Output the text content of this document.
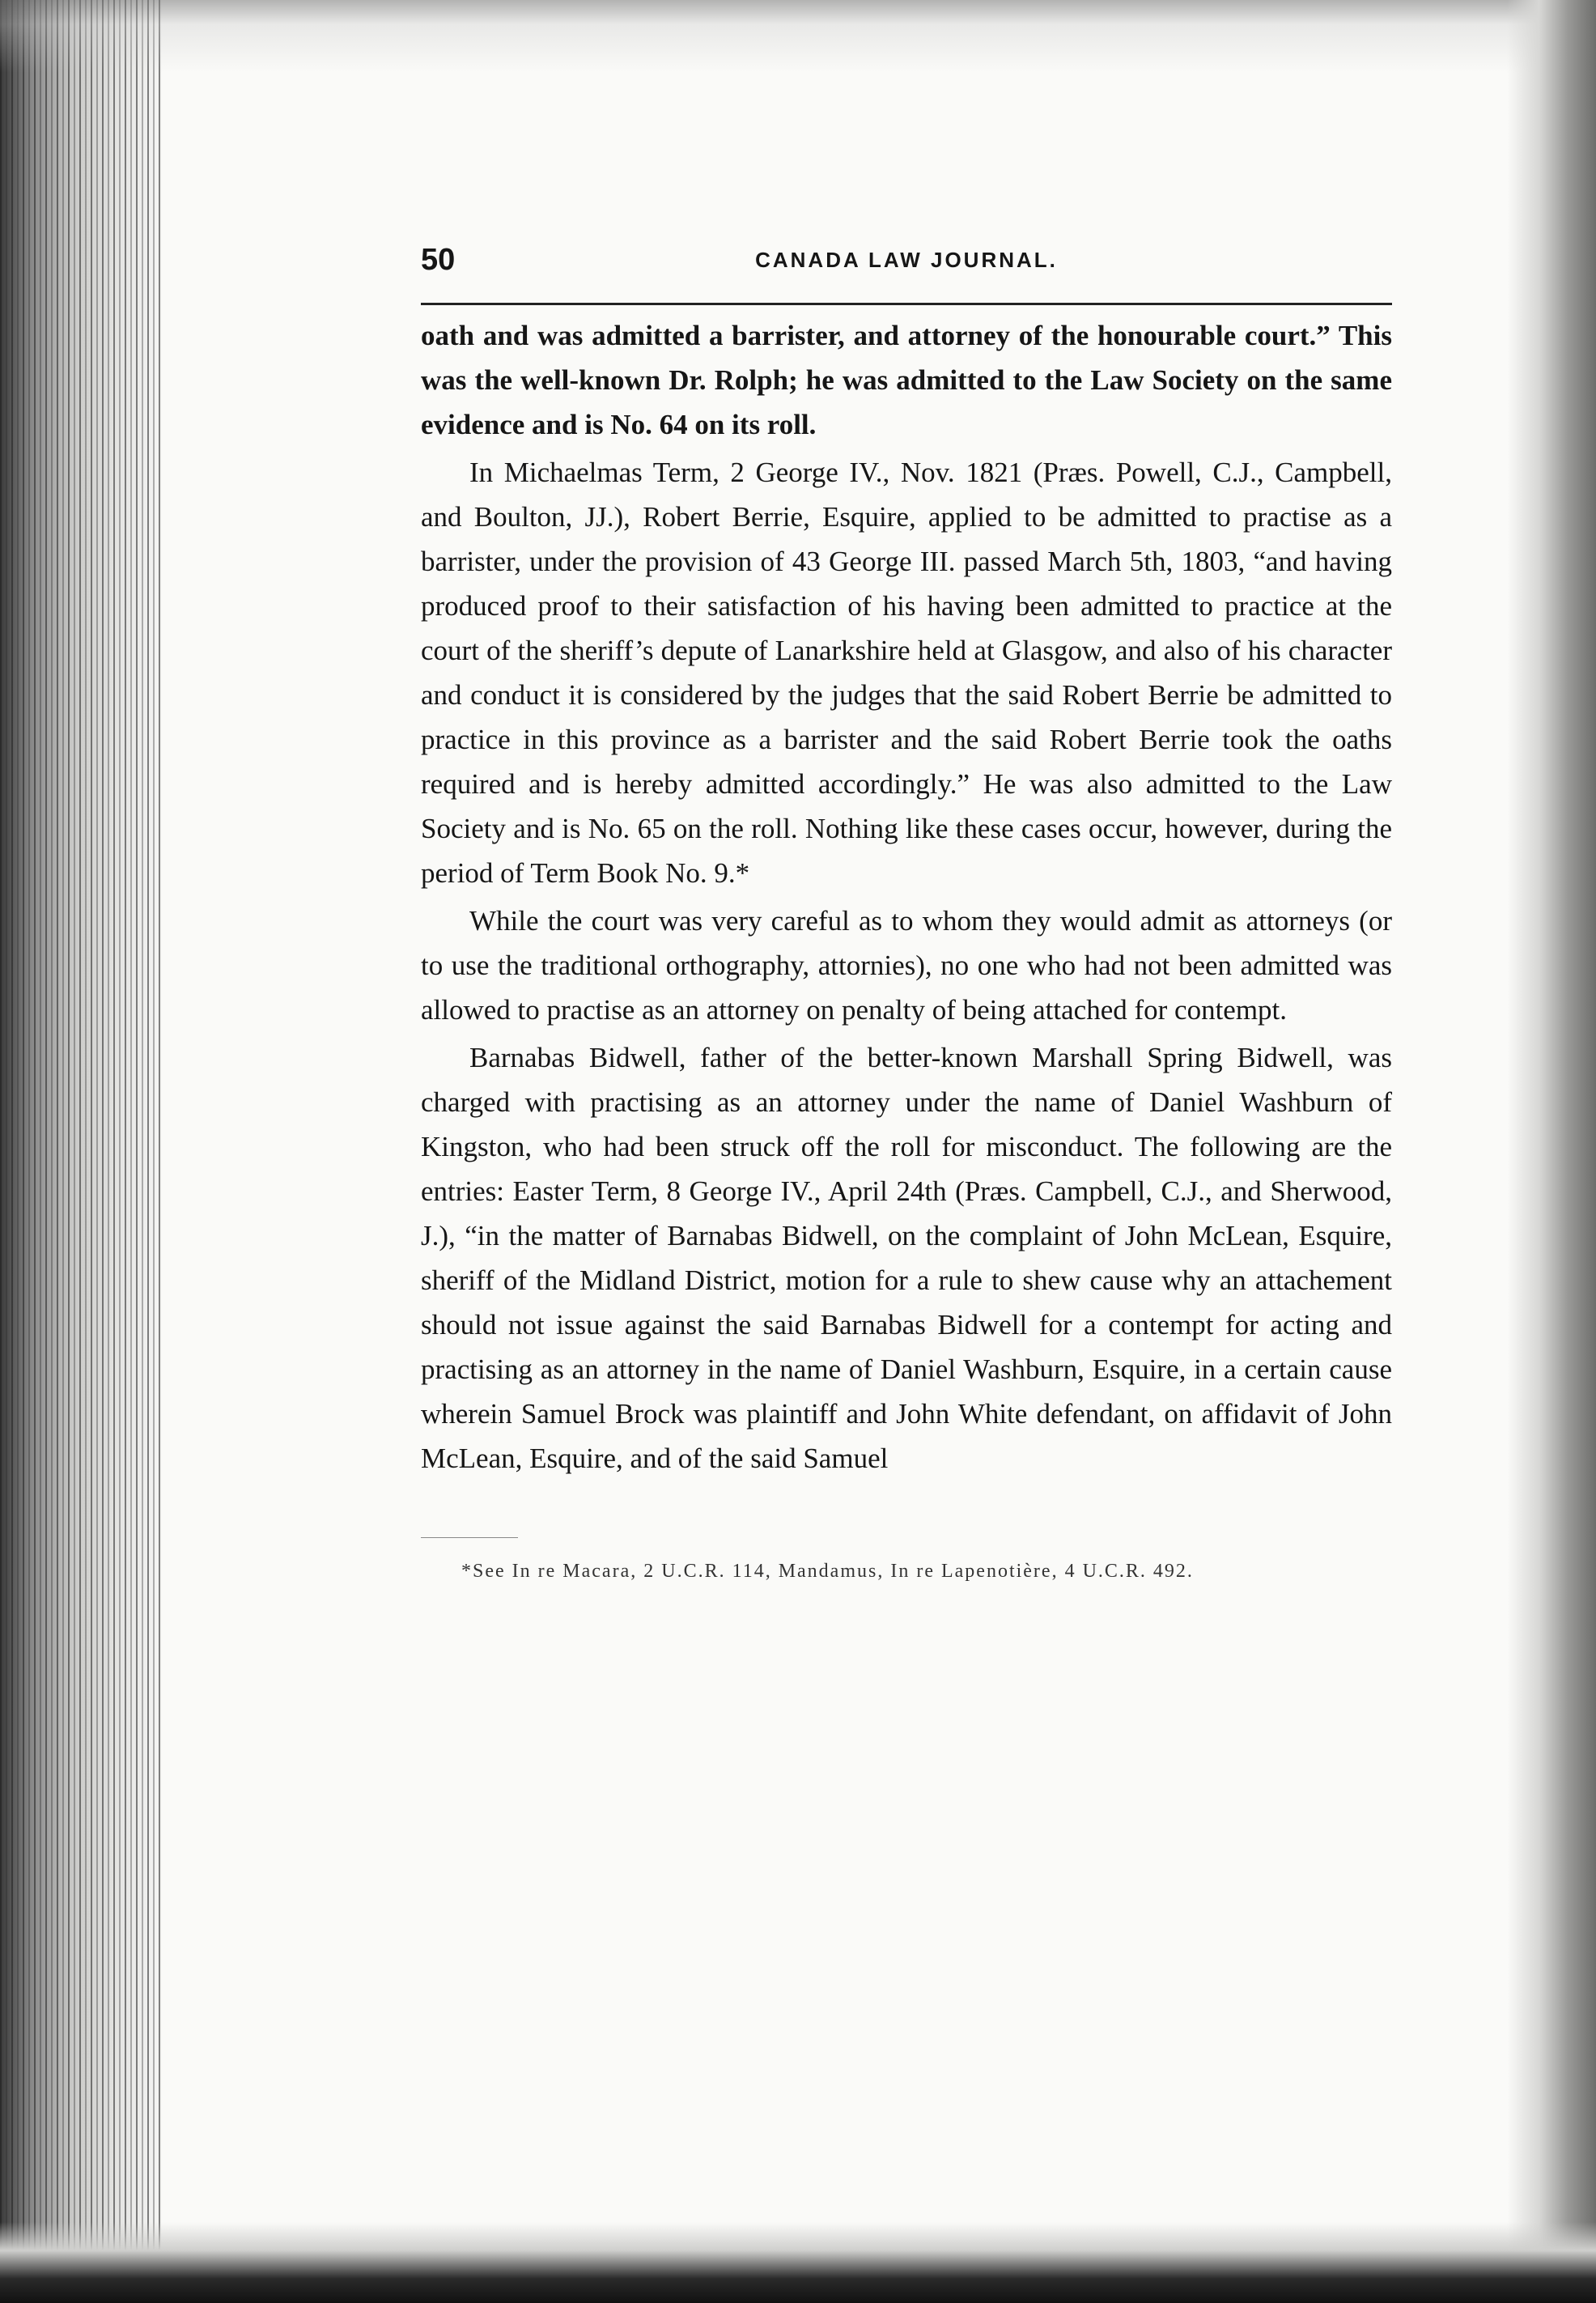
50	CANADA LAW JOURNAL.

oath and was admitted a barrister, and attorney of the honourable court.” This was the well-known Dr. Rolph; he was admitted to the Law Society on the same evidence and is No. 64 on its roll.

In Michaelmas Term, 2 George IV., Nov. 1821 (Præs. Powell, C.J., Campbell, and Boulton, JJ.), Robert Berrie, Esquire, applied to be admitted to practise as a barrister, under the provision of 43 George III. passed March 5th, 1803, “and having produced proof to their satisfaction of his having been admitted to practice at the court of the sheriff’s depute of Lanarkshire held at Glasgow, and also of his character and conduct it is considered by the judges that the said Robert Berrie be admitted to practice in this province as a barrister and the said Robert Berrie took the oaths required and is hereby admitted accordingly.” He was also admitted to the Law Society and is No. 65 on the roll. Nothing like these cases occur, however, during the period of Term Book No. 9.*

While the court was very careful as to whom they would admit as attorneys (or to use the traditional orthography, attornies), no one who had not been admitted was allowed to practise as an attorney on penalty of being attached for contempt.

Barnabas Bidwell, father of the better-known Marshall Spring Bidwell, was charged with practising as an attorney under the name of Daniel Washburn of Kingston, who had been struck off the roll for misconduct. The following are the entries: Easter Term, 8 George IV., April 24th (Præs. Campbell, C.J., and Sherwood, J.), “in the matter of Barnabas Bidwell, on the complaint of John McLean, Esquire, sheriff of the Midland District, motion for a rule to shew cause why an attachement should not issue against the said Barnabas Bidwell for a contempt for acting and practising as an attorney in the name of Daniel Washburn, Esquire, in a certain cause wherein Samuel Brock was plaintiff and John White defendant, on affidavit of John McLean, Esquire, and of the said Samuel

*See In re Macara, 2 U.C.R. 114, Mandamus, In re Lapenotière, 4 U.C.R. 492.
